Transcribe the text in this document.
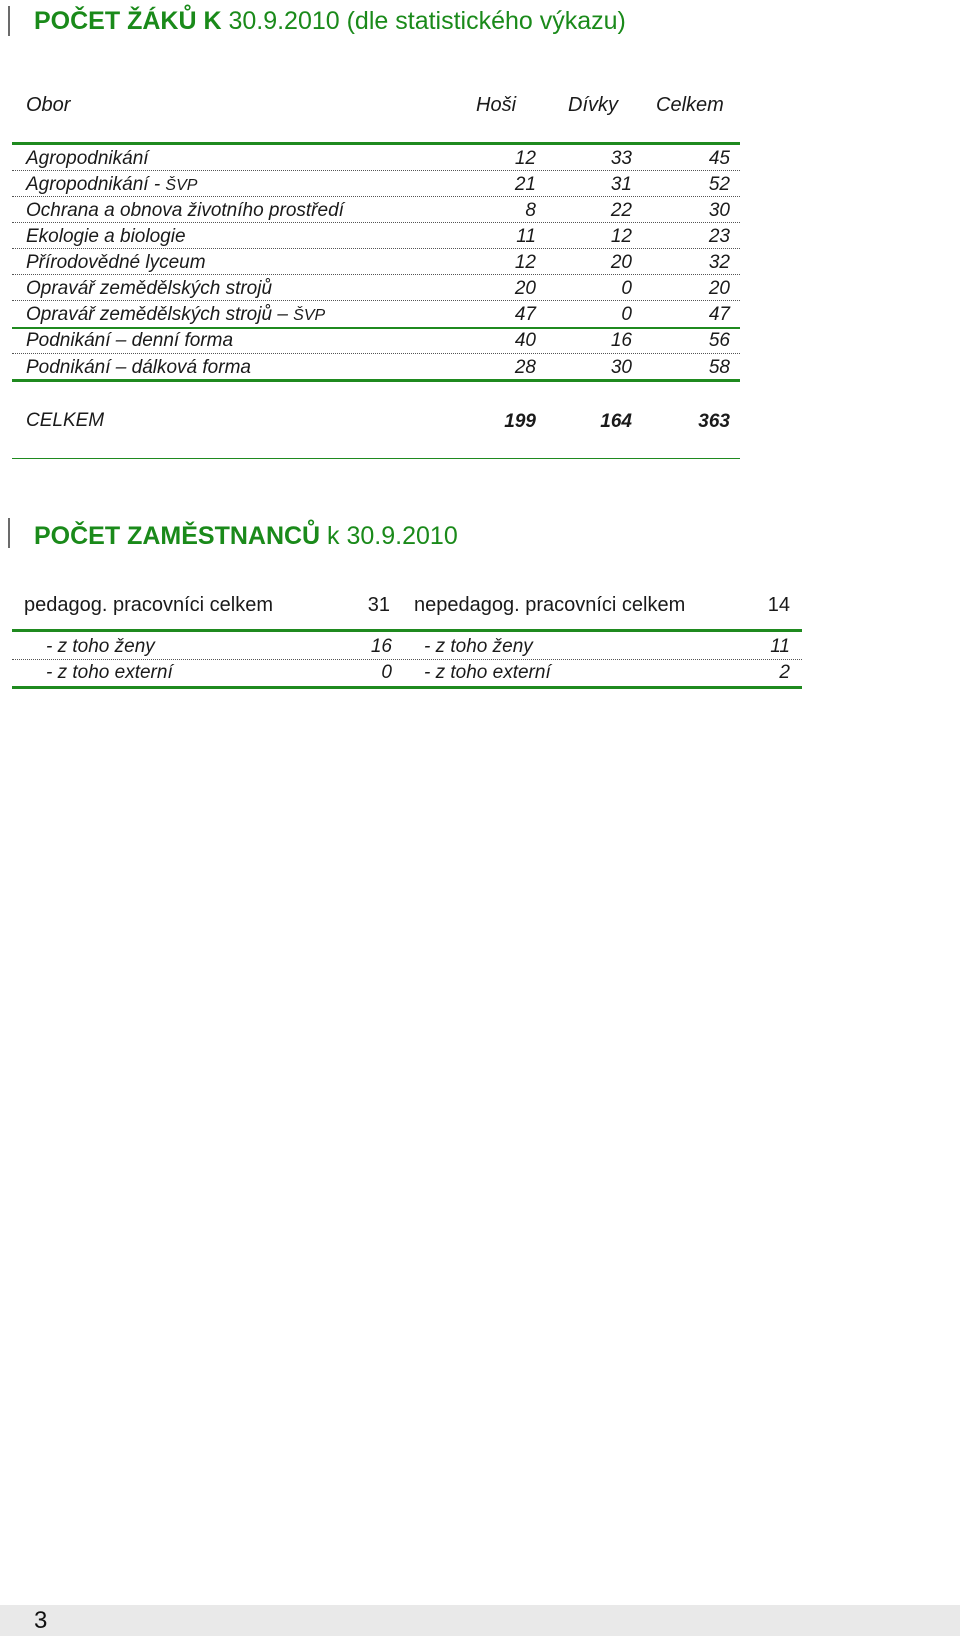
POČET ŽÁKŮ K 30.9.2010 (dle statistického výkazu)
Obor	Hoši	Dívky Celkem
Agropodnikání	12	33	45
Agropodnikání - ŠVP	21	31	52
Ochrana a obnova životního prostředí	8	22	30
Ekologie a biologie	11	12	23
Přírodovědné lyceum	12	20	32
Opravář zemědělských strojů	20	0	20
Opravář zemědělských strojů – ŠVP	47	0	47
Podnikání – denní forma	40	16	56
Podnikání – dálková forma	28	30	58
CELKEM	199	164	363
POČET ZAMĚSTNANCŮ k 30.9.2010
pedagog. pracovníci celkem	31 nepedagog. pracovníci celkem	14
- z toho ženy	16 - z toho ženy	11
- z toho externí	0 - z toho externí	2
3
